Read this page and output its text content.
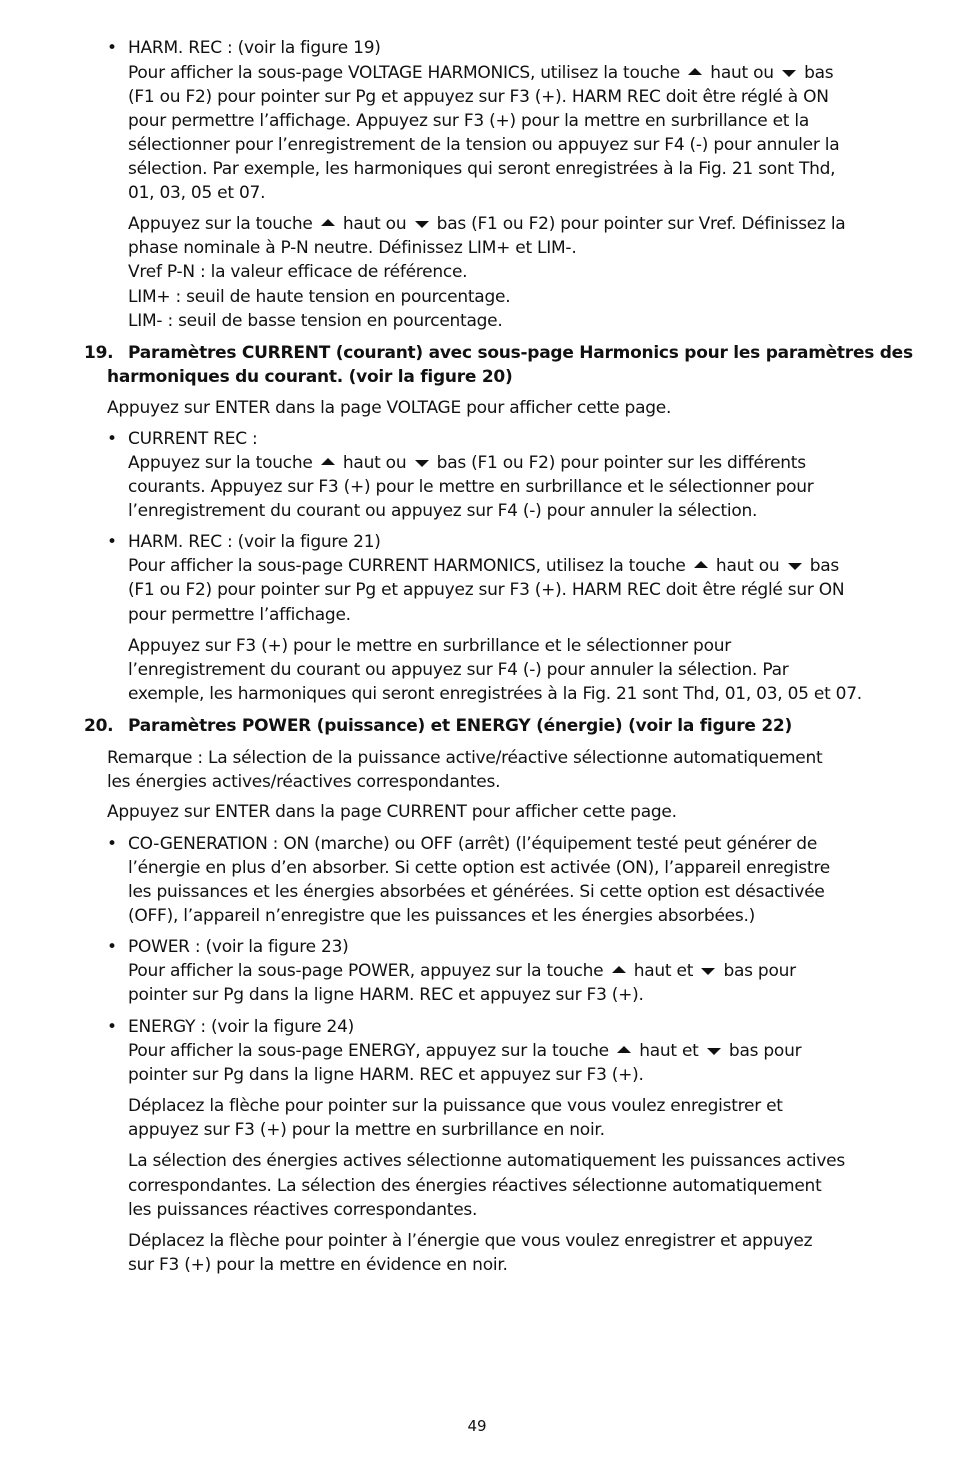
• HARM. REC : (voir la figure 19)
Pour afficher la sous-page VOLTAGE HARMONICS, utilisez la touche haut ou bas
(F1 ou F2) pour pointer sur Pg et appuyez sur F3 (+). HARM REC doit être réglé à ON
pour permettre l’affichage. Appuyez sur F3 (+) pour la mettre en surbrillance et la
sélectionner pour l’enregistrement de la tension ou appuyez sur F4 (-) pour annuler la
sélection. Par exemple, les harmoniques qui seront enregistrées à la Fig. 21 sont Thd,
01, 03, 05 et 07.
Appuyez sur la touche haut ou bas (F1 ou F2) pour pointer sur Vref. Définissez la
phase nominale à P-N neutre. Définissez LIM+ et LIM-.
Vref P-N : la valeur efficace de référence.
LIM+ : seuil de haute tension en pourcentage.
LIM- : seuil de basse tension en pourcentage.
19. Paramètres CURRENT (courant) avec sous-page Harmonics pour les paramètres des
harmoniques du courant. (voir la figure 20)
Appuyez sur ENTER dans la page VOLTAGE pour afficher cette page.
• CURRENT REC :
Appuyez sur la touche haut ou bas (F1 ou F2) pour pointer sur les différents
courants. Appuyez sur F3 (+) pour le mettre en surbrillance et le sélectionner pour
l’enregistrement du courant ou appuyez sur F4 (-) pour annuler la sélection.
• HARM. REC : (voir la figure 21)
Pour afficher la sous-page CURRENT HARMONICS, utilisez la touche haut ou bas
(F1 ou F2) pour pointer sur Pg et appuyez sur F3 (+). HARM REC doit être réglé sur ON
pour permettre l’affichage.
Appuyez sur F3 (+) pour le mettre en surbrillance et le sélectionner pour
l’enregistrement du courant ou appuyez sur F4 (-) pour annuler la sélection. Par
exemple, les harmoniques qui seront enregistrées à la Fig. 21 sont Thd, 01, 03, 05 et 07.
20. Paramètres POWER (puissance) et ENERGY (énergie) (voir la figure 22)
Remarque : La sélection de la puissance active/réactive sélectionne automatiquement
les énergies actives/réactives correspondantes.
Appuyez sur ENTER dans la page CURRENT pour afficher cette page.
• CO-GENERATION : ON (marche) ou OFF (arrêt) (l’équipement testé peut générer de
l’énergie en plus d’en absorber. Si cette option est activée (ON), l’appareil enregistre
les puissances et les énergies absorbées et générées. Si cette option est désactivée
(OFF), l’appareil n’enregistre que les puissances et les énergies absorbées.)
• POWER : (voir la figure 23)
Pour afficher la sous-page POWER, appuyez sur la touche haut et bas pour
pointer sur Pg dans la ligne HARM. REC et appuyez sur F3 (+).
• ENERGY : (voir la figure 24)
Pour afficher la sous-page ENERGY, appuyez sur la touche haut et bas pour
pointer sur Pg dans la ligne HARM. REC et appuyez sur F3 (+).
Déplacez la flèche pour pointer sur la puissance que vous voulez enregistrer et
appuyez sur F3 (+) pour la mettre en surbrillance en noir.
La sélection des énergies actives sélectionne automatiquement les puissances actives
correspondantes. La sélection des énergies réactives sélectionne automatiquement
les puissances réactives correspondantes.
Déplacez la flèche pour pointer à l’énergie que vous voulez enregistrer et appuyez
sur F3 (+) pour la mettre en évidence en noir.
49
